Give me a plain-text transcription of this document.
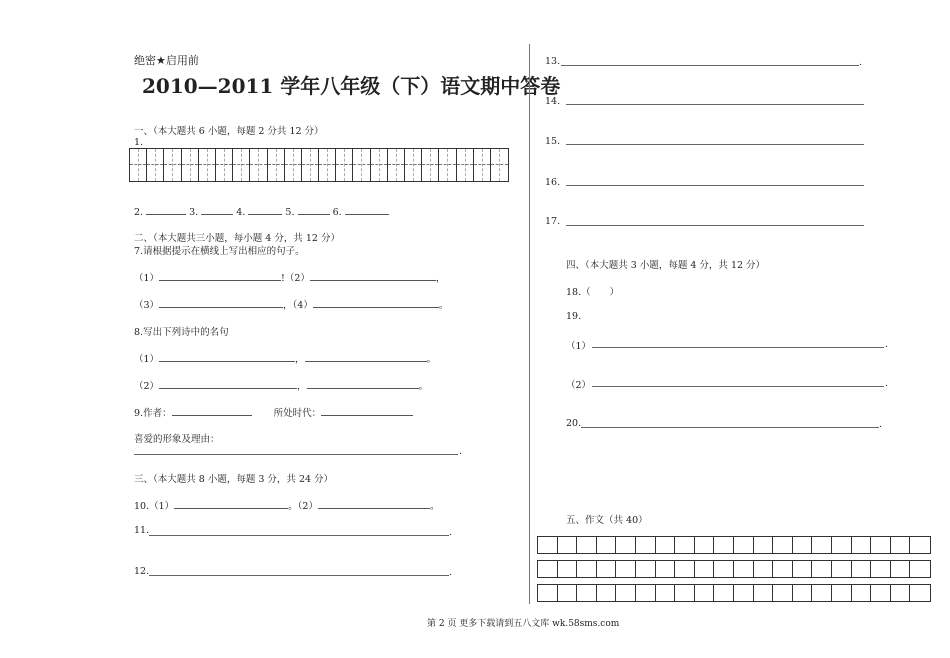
绝密★启用前
2010—2011 学年八年级（下）语文期中答卷
一、（本大题共 6 小题，每题 2 分共 12 分）
1.
2.	3.	4.	5.	6.
二、（本大题共三小题，每小题 4 分，共 12 分）
7.请根据提示在横线上写出相应的句子。
（1）	!（2）	，
（3）	，（4）	。
8.写出下列诗中的名句
（1）	，	。
（2）	，	。
9.作者：	所处时代：
喜爱的形象及理由：
.
三、（本大题共 8 小题，每题 3 分，共 24 分）
10.（1）	。（2）	。
11.	.
12.	.
13.	.
14.
15.
16.
17.
四、（本大题共 3 小题，每题 4 分，共 12 分）
18.（　　）
19.
（1）	.
（2）	.
20.	.
五、作文（共 40）
第 2 页 更多下载请到五八文库 wk.58sms.com
